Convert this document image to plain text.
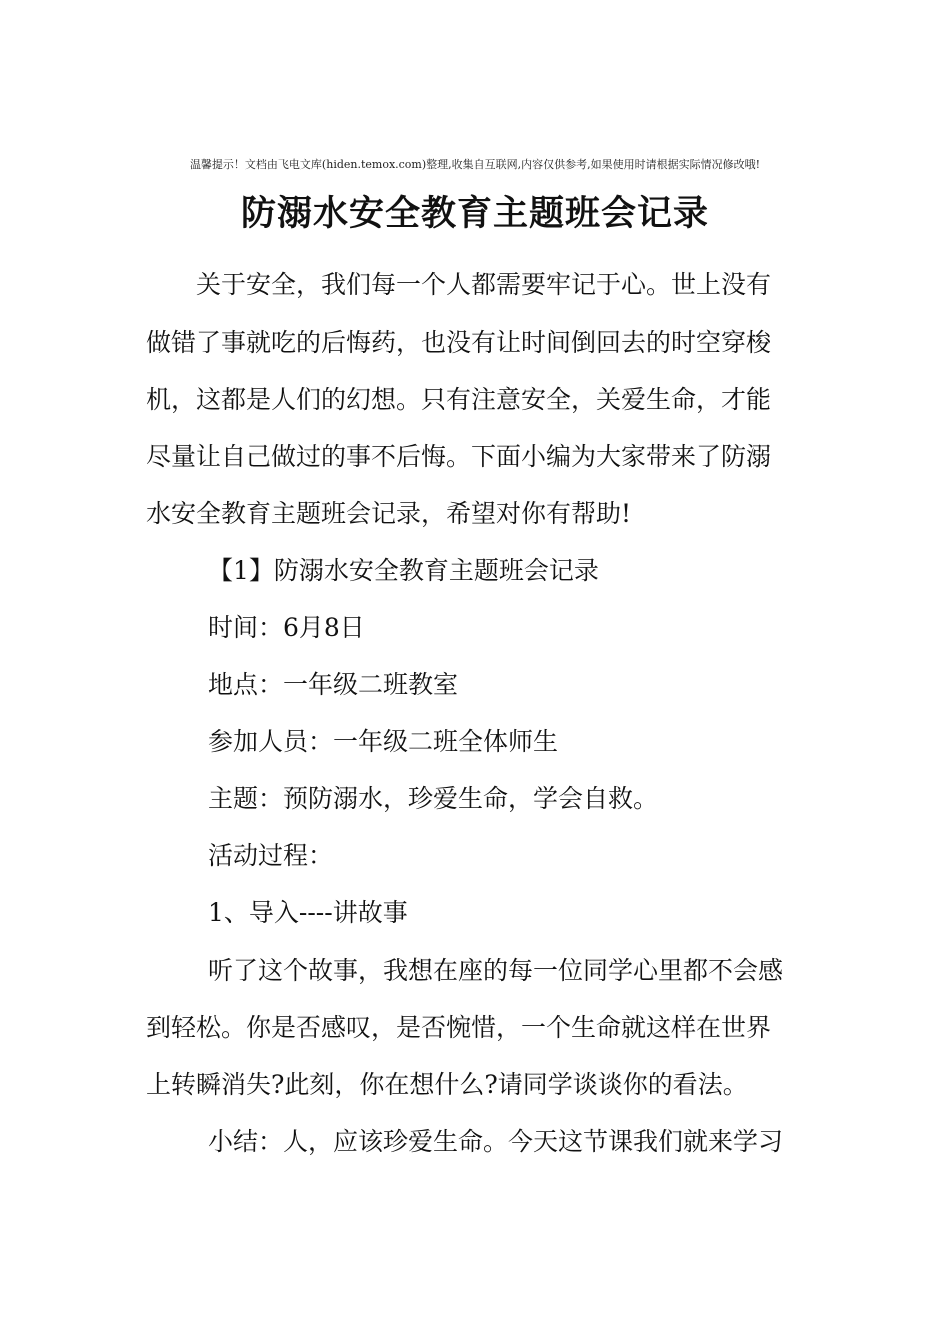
温馨提示！文档由飞电文库(hiden.temox.com)整理,收集自互联网,内容仅供参考,如果使用时请根据实际情况修改哦!
防溺水安全教育主题班会记录
关于安全，我们每一个人都需要牢记于心。世上没有
做错了事就吃的后悔药，也没有让时间倒回去的时空穿梭
机，这都是人们的幻想。只有注意安全，关爱生命，才能
尽量让自己做过的事不后悔。下面小编为大家带来了防溺
水安全教育主题班会记录，希望对你有帮助!
【1】防溺水安全教育主题班会记录
时间：6月8日
地点：一年级二班教室
参加人员：一年级二班全体师生
主题：预防溺水，珍爱生命，学会自救。
活动过程：
1、导入----讲故事
听了这个故事，我想在座的每一位同学心里都不会感
到轻松。你是否感叹，是否惋惜，一个生命就这样在世界
上转瞬消失?此刻，你在想什么?请同学谈谈你的看法。
小结：人，应该珍爱生命。今天这节课我们就来学习
